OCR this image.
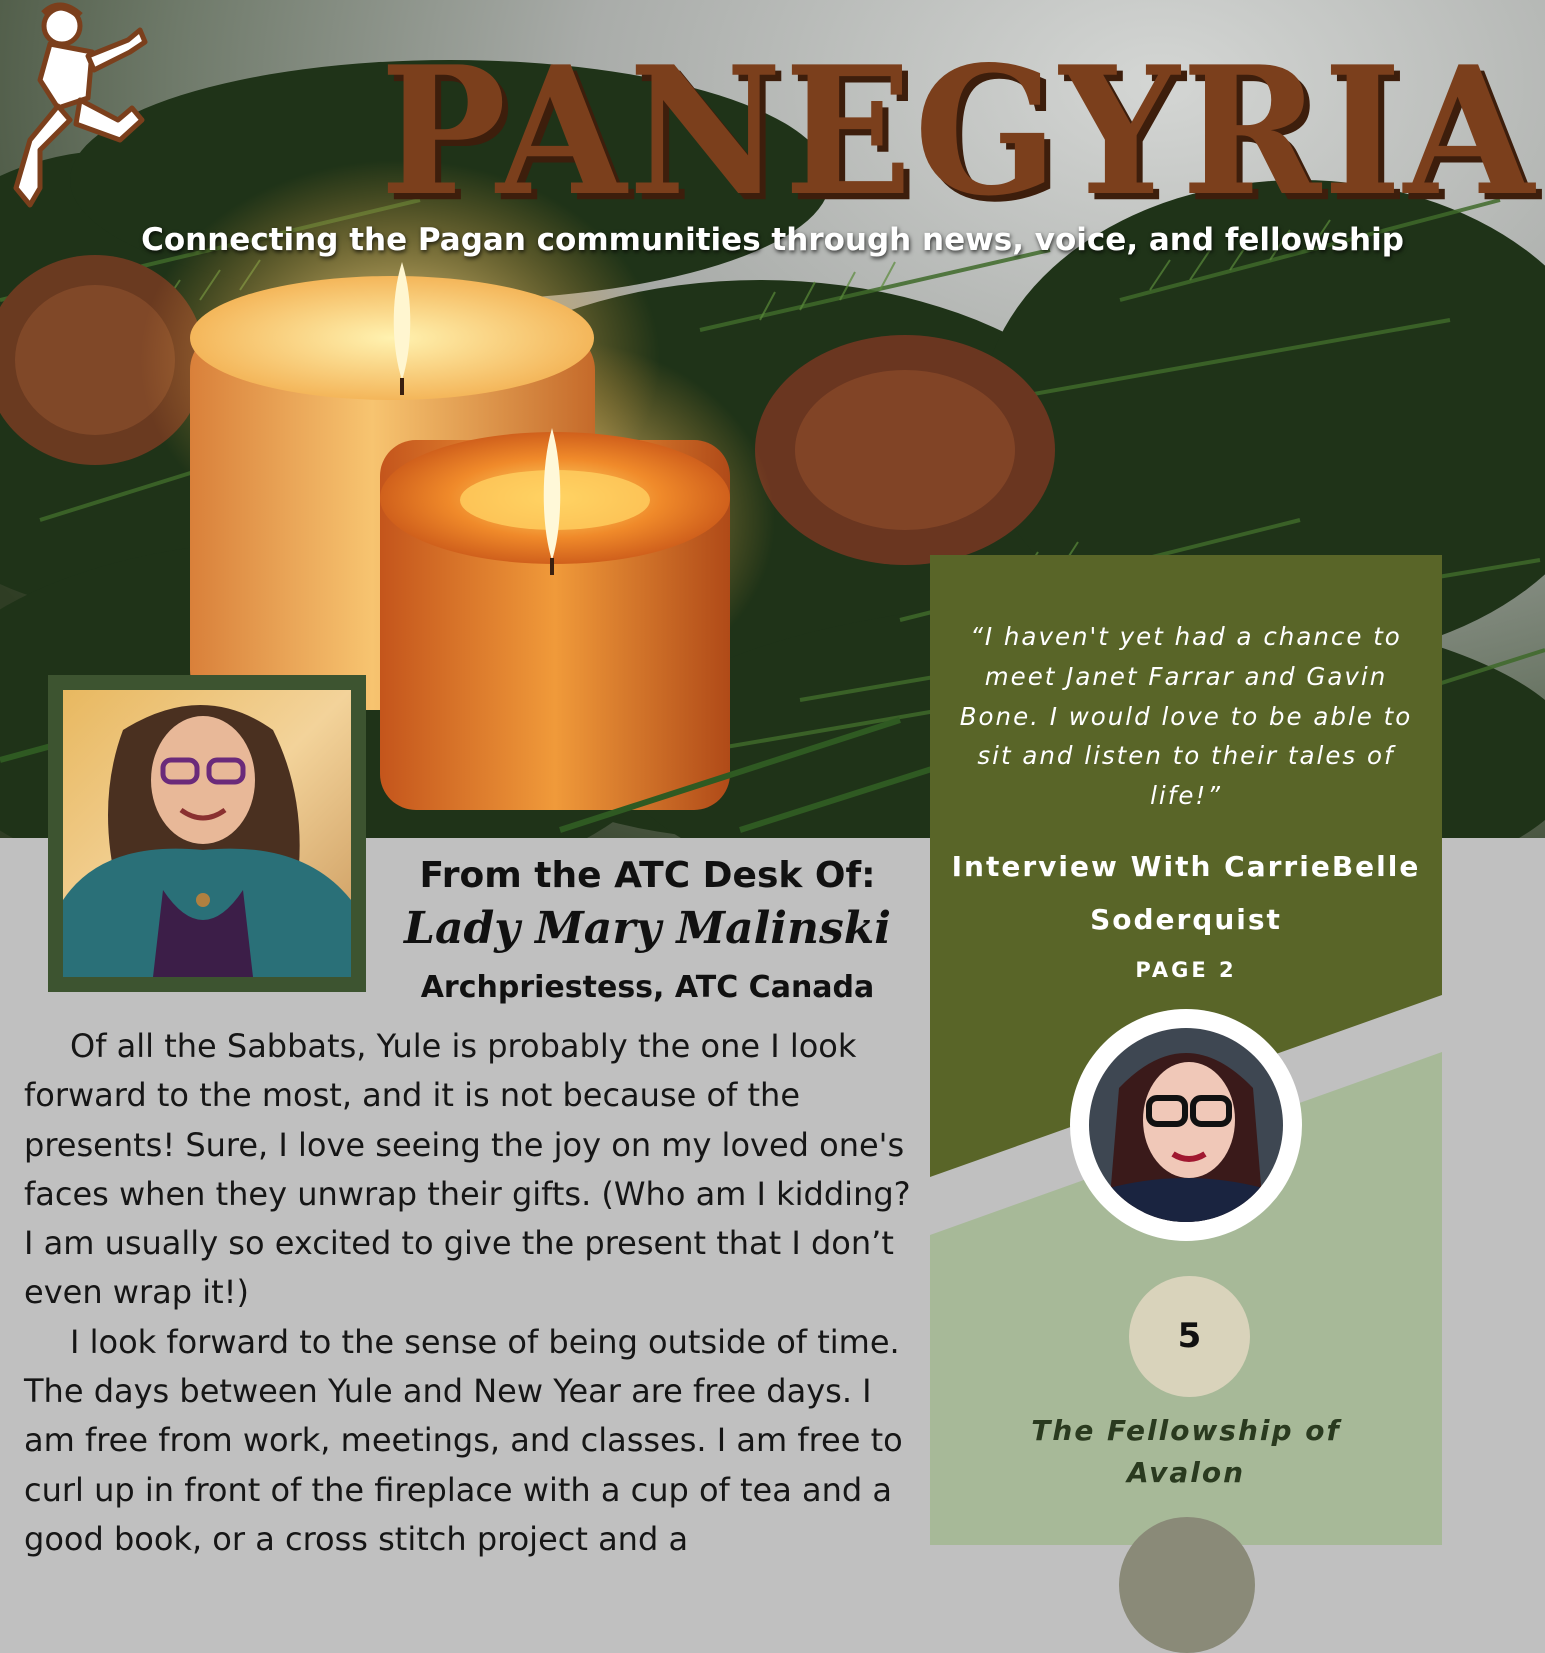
PANEGYRIA

Connecting the Pagan communities through news, voice, and fellowship

From the ATC Desk Of:

Lady Mary Malinski

Archpriestess, ATC Canada

Of all the Sabbats, Yule is probably the one I look forward to the most, and it is not because of the presents! Sure, I love seeing the joy on my loved one's faces when they unwrap their gifts. (Who am I kidding? I am usually so excited to give the present that I don’t even wrap it!)

I look forward to the sense of being outside of time. The days between Yule and New Year are free days. I am free from work, meetings, and classes. I am free to curl up in front of the fireplace with a cup of tea and a good book, or a cross stitch project and a

“I haven't yet had a chance to meet Janet Farrar and Gavin Bone. I would love to be able to sit and listen to their tales of life!”

Interview With CarrieBelle Soderquist

PAGE 2

5

The Fellowship of Avalon
